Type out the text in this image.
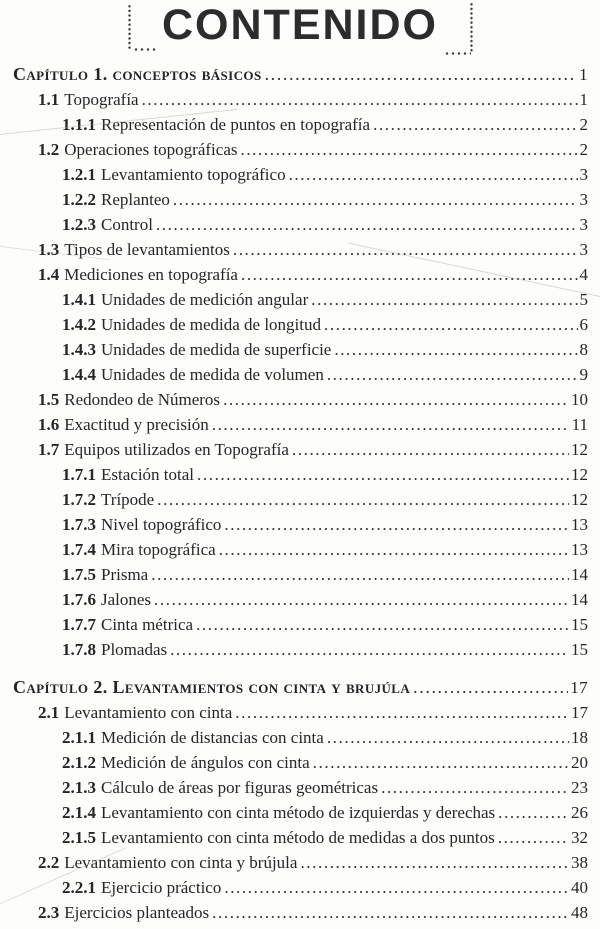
CONTENIDO
Capítulo 1. conceptos básicos .....	1
1.1 Topografía .....	1
1.1.1 Representación de puntos en topografía .....	2
1.2 Operaciones topográficas .....	2
1.2.1 Levantamiento topográfico .....	3
1.2.2 Replanteo .....	3
1.2.3 Control .....	3
1.3 Tipos de levantamientos .....	3
1.4 Mediciones en topografía .....	4
1.4.1 Unidades de medición angular .....	5
1.4.2 Unidades de medida de longitud .....	6
1.4.3 Unidades de medida de superficie .....	8
1.4.4 Unidades de medida de volumen .....	9
1.5 Redondeo de Números .....	10
1.6 Exactitud y precisión .....	11
1.7 Equipos utilizados en Topografía .....	12
1.7.1 Estación total .....	12
1.7.2 Trípode .....	12
1.7.3 Nivel topográfico .....	13
1.7.4 Mira topográfica .....	13
1.7.5 Prisma .....	14
1.7.6 Jalones .....	14
1.7.7 Cinta métrica .....	15
1.7.8 Plomadas .....	15
Capítulo 2. Levantamientos con cinta y brujúla .....	17
2.1 Levantamiento con cinta .....	17
2.1.1 Medición de distancias con cinta .....	18
2.1.2 Medición de ángulos con cinta .....	20
2.1.3 Cálculo de áreas por figuras geométricas .....	23
2.1.4 Levantamiento con cinta método de izquierdas y derechas .....	26
2.1.5 Levantamiento con cinta método de medidas a dos puntos .....	32
2.2 Levantamiento con cinta y brújula .....	38
2.2.1 Ejercicio práctico .....	40
2.3 Ejercicios planteados .....	48
